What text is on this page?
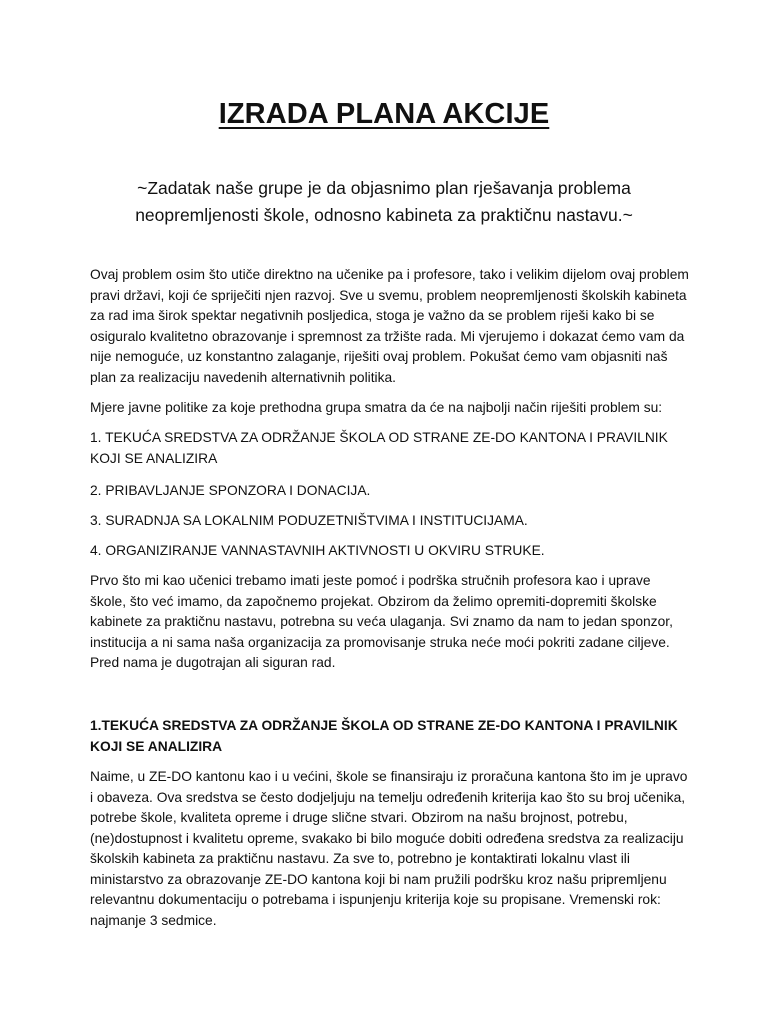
IZRADA PLANA AKCIJE

~Zadatak naše grupe je da objasnimo plan rješavanja problema neopremljenosti škole, odnosno kabineta za praktičnu nastavu.~

Ovaj problem osim što utiče direktno na učenike pa i profesore, tako i velikim dijelom ovaj problem pravi državi, koji će spriječiti njen razvoj. Sve u svemu, problem neopremljenosti školskih kabineta za rad ima širok spektar negativnih posljedica, stoga je važno da se problem riješi kako bi se osiguralo kvalitetno obrazovanje i spremnost za tržište rada. Mi vjerujemo i dokazat ćemo vam da nije nemoguće, uz konstantno zalaganje, riješiti ovaj problem. Pokušat ćemo vam objasniti naš plan za realizaciju navedenih alternativnih politika.

Mjere javne politike za koje prethodna grupa smatra da će na najbolji način riješiti problem su:

1. TEKUĆA SREDSTVA ZA ODRŽANJE ŠKOLA OD STRANE ZE-DO KANTONA I PRAVILNIK KOJI SE ANALIZIRA

2. PRIBAVLJANJE SPONZORA I DONACIJA.

3. SURADNJA SA LOKALNIM PODUZETNIŠTVIMA I INSTITUCIJAMA.

4. ORGANIZIRANJE VANNASTAVNIH AKTIVNOSTI U OKVIRU STRUKE.

Prvo što mi kao učenici trebamo imati jeste pomoć i podrška stručnih profesora kao i uprave škole, što već imamo, da započnemo projekat. Obzirom da želimo opremiti-dopremiti školske kabinete za praktičnu nastavu, potrebna su veća ulaganja. Svi znamo da nam to jedan sponzor, institucija a ni sama naša organizacija za promovisanje struka neće moći pokriti zadane ciljeve. Pred nama je dugotrajan ali siguran rad.

1.TEKUĆA SREDSTVA ZA ODRŽANJE ŠKOLA OD STRANE ZE-DO KANTONA I PRAVILNIK KOJI SE ANALIZIRA

Naime, u ZE-DO kantonu kao i u većini, škole se finansiraju iz proračuna kantona što im je upravo i obaveza. Ova sredstva se često dodjeljuju na temelju određenih kriterija kao što su broj učenika, potrebe škole, kvaliteta opreme i druge slične stvari. Obzirom na našu brojnost, potrebu, (ne)dostupnost i kvalitetu opreme, svakako bi bilo moguće dobiti određena sredstva za realizaciju školskih kabineta za praktičnu nastavu. Za sve to, potrebno je kontaktirati lokalnu vlast ili ministarstvo za obrazovanje ZE-DO kantona koji bi nam pružili podršku kroz našu pripremljenu relevantnu dokumentaciju o potrebama i ispunjenju kriterija koje su propisane. Vremenski rok: najmanje 3 sedmice.
